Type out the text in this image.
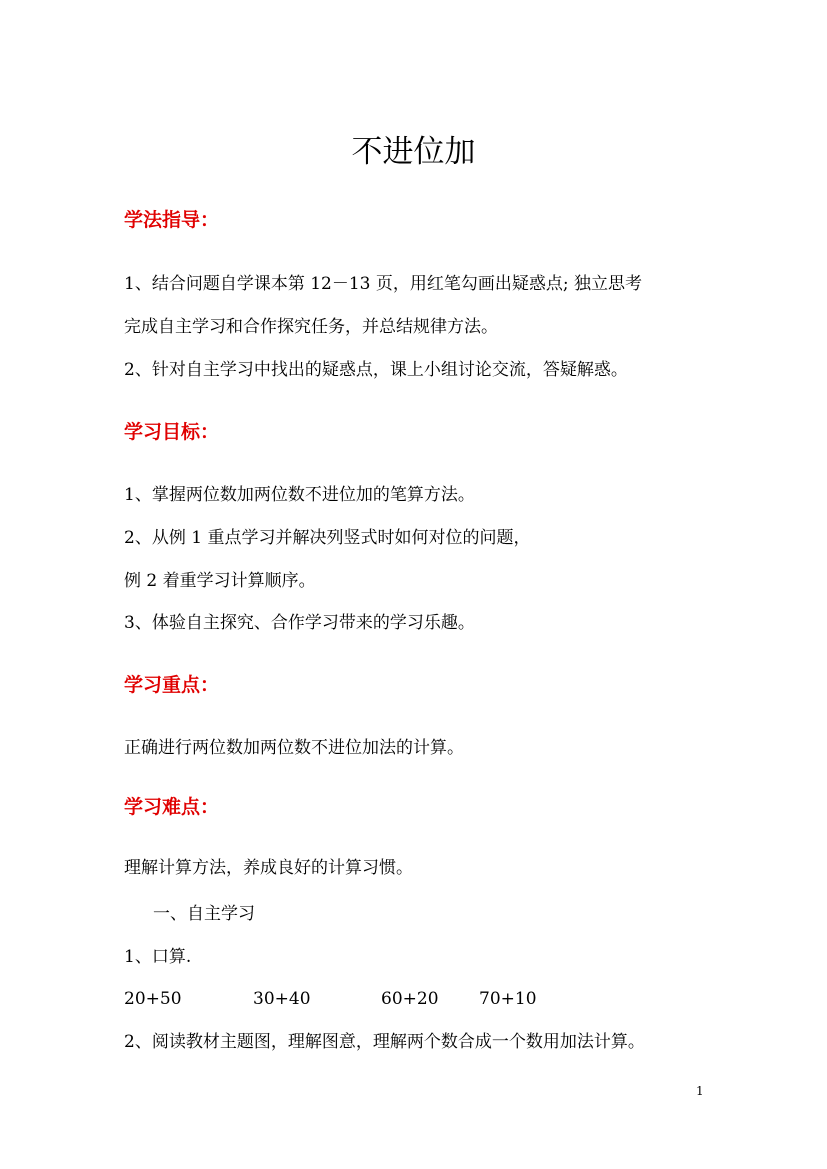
不进位加
学法指导：
1、结合问题自学课本第 12－13 页，用红笔勾画出疑惑点; 独立思考
完成自主学习和合作探究任务，并总结规律方法。
2、针对自主学习中找出的疑惑点，课上小组讨论交流，答疑解惑。
学习目标：
1、掌握两位数加两位数不进位加的笔算方法。
2、从例 1 重点学习并解决列竖式时如何对位的问题，
例 2 着重学习计算顺序。
3、体验自主探究、合作学习带来的学习乐趣。
学习重点：
正确进行两位数加两位数不进位加法的计算。
学习难点：
理解计算方法，养成良好的计算习惯。
一、自主学习
1、口算.
20+50	30+40	60+20 70+10
2、阅读教材主题图，理解图意，理解两个数合成一个数用加法计算。
1
